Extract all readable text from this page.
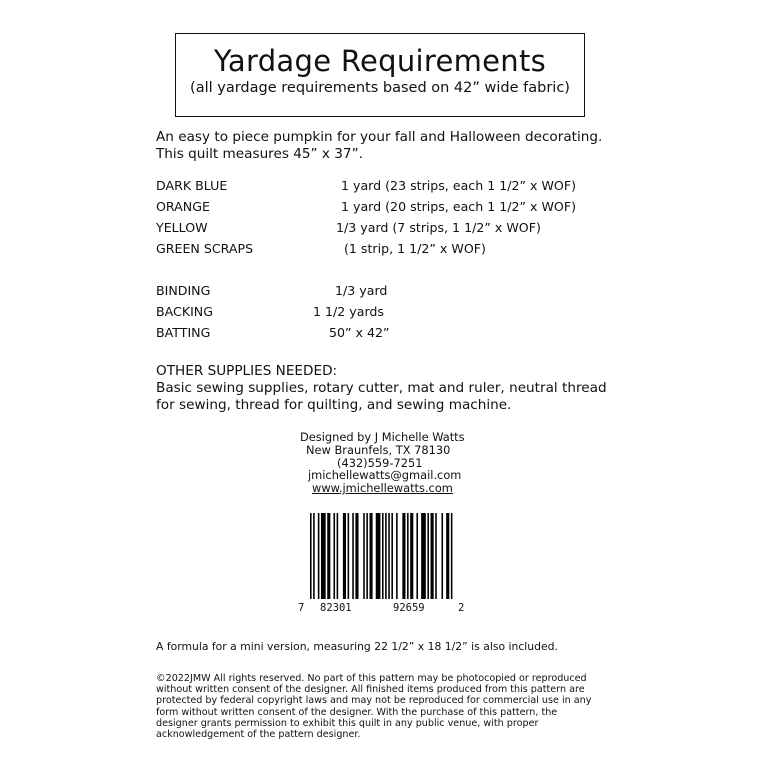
Yardage Requirements
(all yardage requirements based on 42” wide fabric)
An easy to piece pumpkin for your fall and Halloween decorating.
This quilt measures 45” x 37”.
DARK BLUE	1 yard (23 strips, each 1 1/2” x WOF)
ORANGE	1 yard (20 strips, each 1 1/2” x WOF)
YELLOW	1/3 yard (7 strips, 1 1/2” x WOF)
GREEN SCRAPS	(1 strip, 1 1/2” x WOF)
BINDING	1/3 yard
BACKING	1 1/2 yards
BATTING	50” x 42”
OTHER SUPPLIES NEEDED:
Basic sewing supplies, rotary cutter, mat and ruler, neutral thread
for sewing, thread for quilting, and sewing machine.
Designed by J Michelle Watts
New Braunfels, TX 78130
(432)559-7251
jmichellewatts@gmail.com
www.jmichellewatts.com
7 82301	92659	2
A formula for a mini version, measuring 22 1/2” x 18 1/2” is also included.
©2022JMW All rights reserved. No part of this pattern may be photocopied or reproduced
without written consent of the designer. All finished items produced from this pattern are
protected by federal copyright laws and may not be reproduced for commercial use in any
form without written consent of the designer. With the purchase of this pattern, the
designer grants permission to exhibit this quilt in any public venue, with proper
acknowledgement of the pattern designer.
